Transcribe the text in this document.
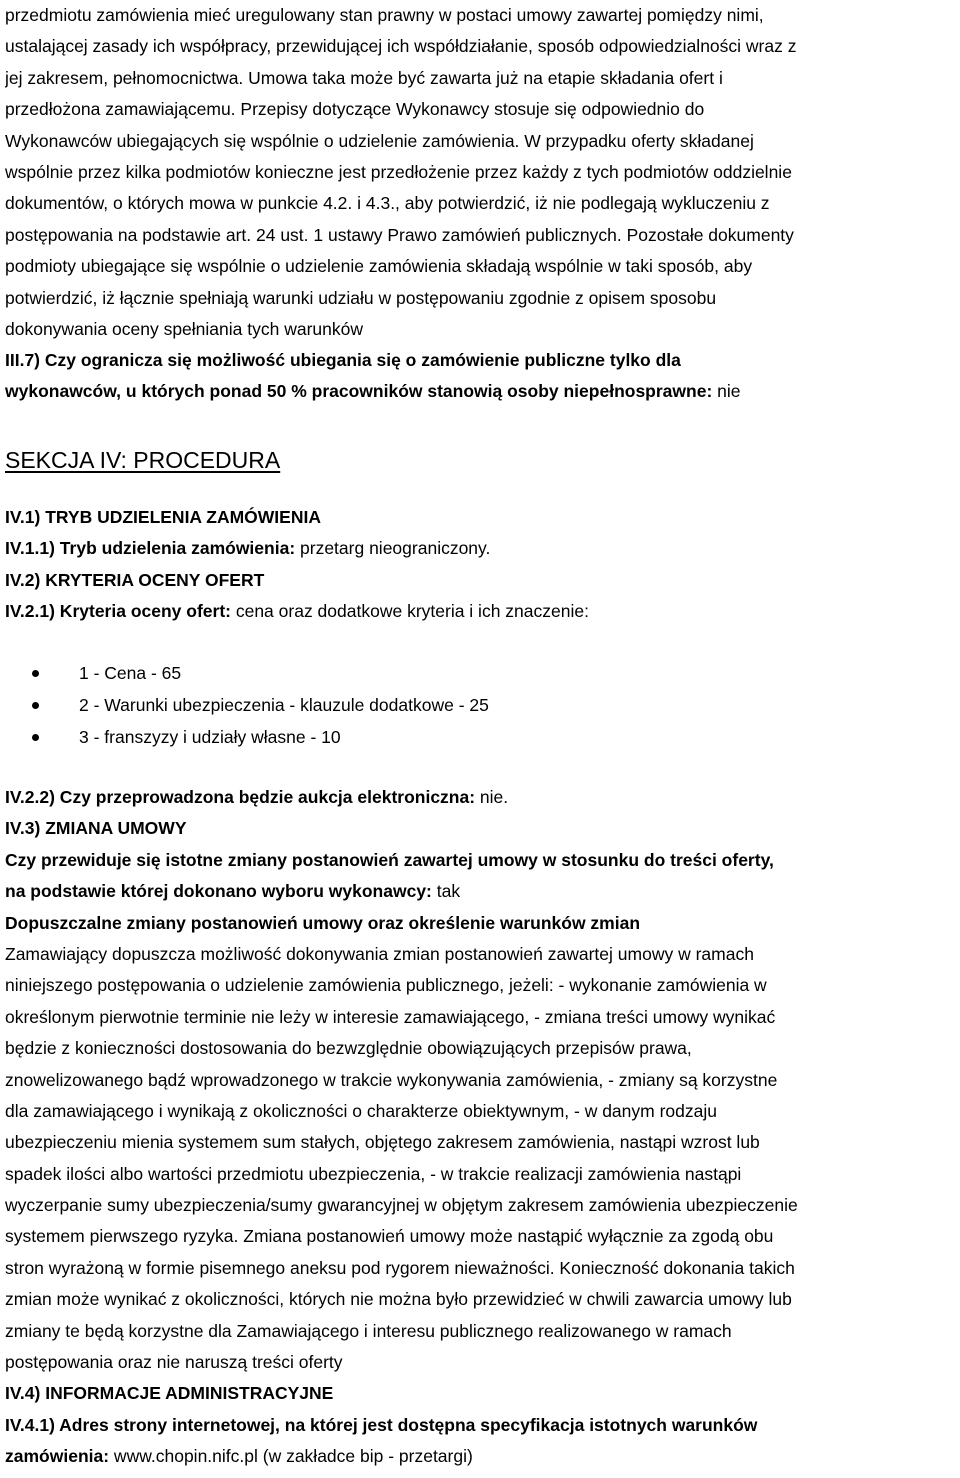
przedmiotu zamówienia mieć uregulowany stan prawny w postaci umowy zawartej pomiędzy nimi,
ustalającej zasady ich współpracy, przewidującej ich współdziałanie, sposób odpowiedzialności wraz z
jej zakresem, pełnomocnictwa. Umowa taka może być zawarta już na etapie składania ofert i
przedłożona zamawiającemu. Przepisy dotyczące Wykonawcy stosuje się odpowiednio do
Wykonawców ubiegających się wspólnie o udzielenie zamówienia. W przypadku oferty składanej
wspólnie przez kilka podmiotów konieczne jest przedłożenie przez każdy z tych podmiotów oddzielnie
dokumentów, o których mowa w punkcie 4.2. i 4.3., aby potwierdzić, iż nie podlegają wykluczeniu z
postępowania na podstawie art. 24 ust. 1 ustawy Prawo zamówień publicznych. Pozostałe dokumenty
podmioty ubiegające się wspólnie o udzielenie zamówienia składają wspólnie w taki sposób, aby
potwierdzić, iż łącznie spełniają warunki udziału w postępowaniu zgodnie z opisem sposobu
dokonywania oceny spełniania tych warunków
III.7) Czy ogranicza się możliwość ubiegania się o zamówienie publiczne tylko dla
wykonawców, u których ponad 50 % pracowników stanowią osoby niepełnosprawne: nie
SEKCJA IV: PROCEDURA
IV.1) TRYB UDZIELENIA ZAMÓWIENIA
IV.1.1) Tryb udzielenia zamówienia: przetarg nieograniczony.
IV.2) KRYTERIA OCENY OFERT
IV.2.1) Kryteria oceny ofert: cena oraz dodatkowe kryteria i ich znaczenie:
1 - Cena - 65
2 - Warunki ubezpieczenia - klauzule dodatkowe - 25
3 - franszyzy i udziały własne - 10
IV.2.2) Czy przeprowadzona będzie aukcja elektroniczna: nie.
IV.3) ZMIANA UMOWY
Czy przewiduje się istotne zmiany postanowień zawartej umowy w stosunku do treści oferty,
na podstawie której dokonano wyboru wykonawcy: tak
Dopuszczalne zmiany postanowień umowy oraz określenie warunków zmian
Zamawiający dopuszcza możliwość dokonywania zmian postanowień zawartej umowy w ramach
niniejszego postępowania o udzielenie zamówienia publicznego, jeżeli: - wykonanie zamówienia w
określonym pierwotnie terminie nie leży w interesie zamawiającego, - zmiana treści umowy wynikać
będzie z konieczności dostosowania do bezwzględnie obowiązujących przepisów prawa,
znowelizowanego bądź wprowadzonego w trakcie wykonywania zamówienia, - zmiany są korzystne
dla zamawiającego i wynikają z okoliczności o charakterze obiektywnym, - w danym rodzaju
ubezpieczeniu mienia systemem sum stałych, objętego zakresem zamówienia, nastąpi wzrost lub
spadek ilości albo wartości przedmiotu ubezpieczenia, - w trakcie realizacji zamówienia nastąpi
wyczerpanie sumy ubezpieczenia/sumy gwarancyjnej w objętym zakresem zamówienia ubezpieczenie
systemem pierwszego ryzyka. Zmiana postanowień umowy może nastąpić wyłącznie za zgodą obu
stron wyrażoną w formie pisemnego aneksu pod rygorem nieważności. Konieczność dokonania takich
zmian może wynikać z okoliczności, których nie można było przewidzieć w chwili zawarcia umowy lub
zmiany te będą korzystne dla Zamawiającego i interesu publicznego realizowanego w ramach
postępowania oraz nie naruszą treści oferty
IV.4) INFORMACJE ADMINISTRACYJNE
IV.4.1) Adres strony internetowej, na której jest dostępna specyfikacja istotnych warunków
zamówienia: www.chopin.nifc.pl (w zakładce bip - przetargi)
